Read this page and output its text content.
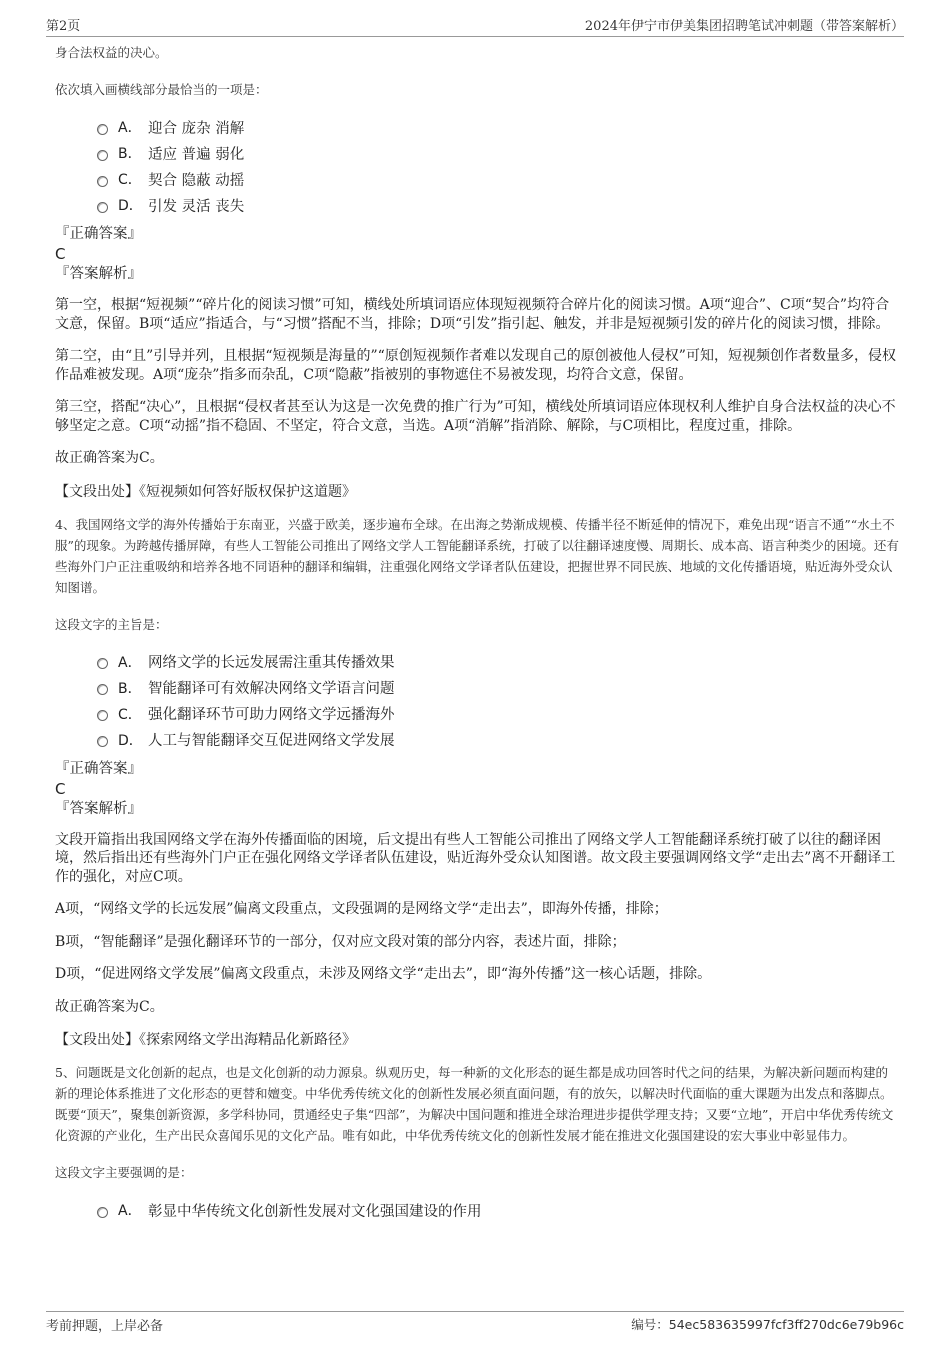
第2页	2024年伊宁市伊美集团招聘笔试冲刺题（带答案解析）

身合法权益的决心。

依次填入画横线部分最恰当的一项是：

A． 迎合 庞杂 消解
B． 适应 普遍 弱化
C． 契合 隐蔽 动摇
D． 引发 灵活 丧失

『正确答案』

C

『答案解析』

第一空，根据“短视频”“碎片化的阅读习惯”可知，横线处所填词语应体现短视频符合碎片化的阅读习惯。A项“迎合”、C项“契合”均符合文意，保留。B项“适应”指适合，与“习惯”搭配不当，排除；D项“引发”指引起、触发，并非是短视频引发的碎片化的阅读习惯，排除。

第二空，由“且”引导并列，且根据“短视频是海量的”“原创短视频作者难以发现自己的原创被他人侵权”可知，短视频创作者数量多，侵权作品难被发现。A项“庞杂”指多而杂乱，C项“隐蔽”指被别的事物遮住不易被发现，均符合文意，保留。

第三空，搭配“决心”，且根据“侵权者甚至认为这是一次免费的推广行为”可知，横线处所填词语应体现权利人维护自身合法权益的决心不够坚定之意。C项“动摇”指不稳固、不坚定，符合文意，当选。A项“消解”指消除、解除，与C项相比，程度过重，排除。

故正确答案为C。

【文段出处】《短视频如何答好版权保护这道题》

4、我国网络文学的海外传播始于东南亚，兴盛于欧美，逐步遍布全球。在出海之势渐成规模、传播半径不断延伸的情况下，难免出现“语言不通”“水土不服”的现象。为跨越传播屏障，有些人工智能公司推出了网络文学人工智能翻译系统，打破了以往翻译速度慢、周期长、成本高、语言种类少的困境。还有些海外门户正注重吸纳和培养各地不同语种的翻译和编辑，注重强化网络文学译者队伍建设，把握世界不同民族、地域的文化传播语境，贴近海外受众认知图谱。

这段文字的主旨是：

A． 网络文学的长远发展需注重其传播效果
B． 智能翻译可有效解决网络文学语言问题
C． 强化翻译环节可助力网络文学远播海外
D． 人工与智能翻译交互促进网络文学发展

『正确答案』

C

『答案解析』

文段开篇指出我国网络文学在海外传播面临的困境，后文提出有些人工智能公司推出了网络文学人工智能翻译系统打破了以往的翻译困境，然后指出还有些海外门户正在强化网络文学译者队伍建设，贴近海外受众认知图谱。故文段主要强调网络文学“走出去”离不开翻译工作的强化，对应C项。

A项，“网络文学的长远发展”偏离文段重点，文段强调的是网络文学“走出去”，即海外传播，排除；

B项，“智能翻译”是强化翻译环节的一部分，仅对应文段对策的部分内容，表述片面，排除；

D项，“促进网络文学发展”偏离文段重点，未涉及网络文学“走出去”，即“海外传播”这一核心话题，排除。

故正确答案为C。

【文段出处】《探索网络文学出海精品化新路径》

5、问题既是文化创新的起点，也是文化创新的动力源泉。纵观历史，每一种新的文化形态的诞生都是成功回答时代之问的结果，为解决新问题而构建的新的理论体系推进了文化形态的更替和嬗变。中华优秀传统文化的创新性发展必须直面问题，有的放矢，以解决时代面临的重大课题为出发点和落脚点。既要“顶天”，聚集创新资源，多学科协同，贯通经史子集“四部”，为解决中国问题和推进全球治理进步提供学理支持；又要“立地”，开启中华优秀传统文化资源的产业化，生产出民众喜闻乐见的文化产品。唯有如此，中华优秀传统文化的创新性发展才能在推进文化强国建设的宏大事业中彰显伟力。

这段文字主要强调的是：

A． 彰显中华传统文化创新性发展对文化强国建设的作用
考前押题，上岸必备	编号：54ec583635997fcf3ff270dc6e79b96c
